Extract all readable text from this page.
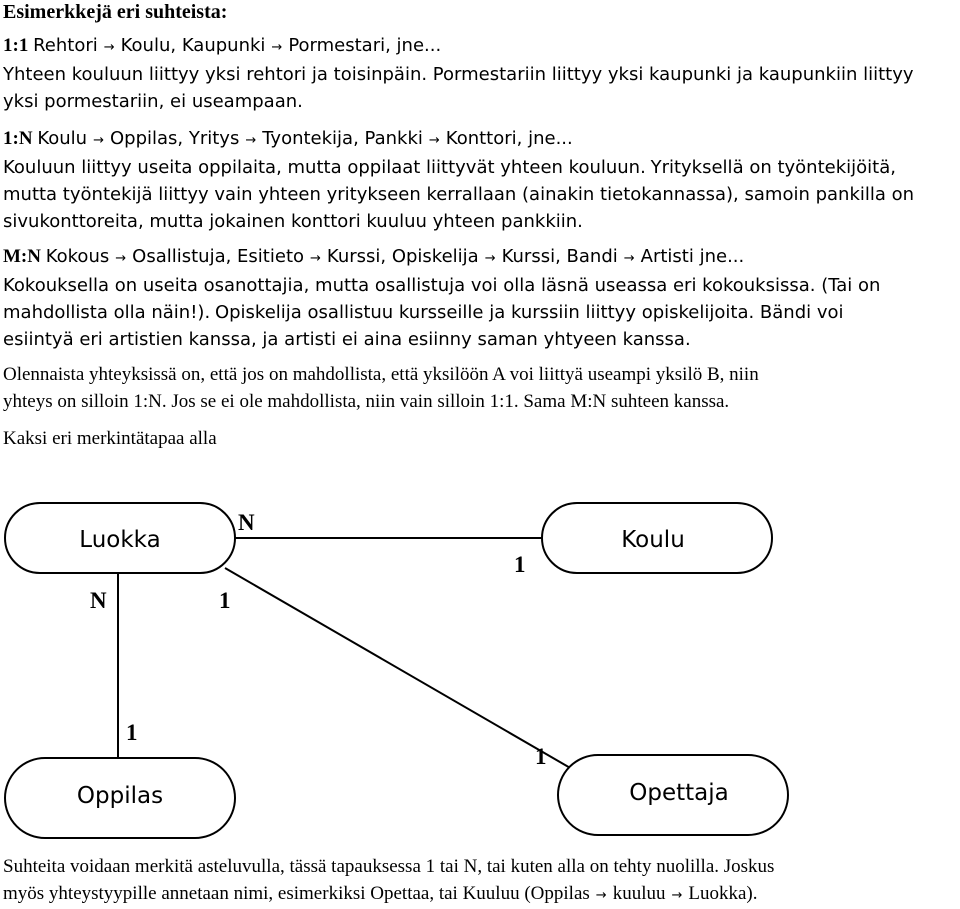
Esimerkkejä eri suhteista:
1:1 Rehtori → Koulu, Kaupunki → Pormestari, jne...
Yhteen kouluun liittyy yksi rehtori ja toisinpäin. Pormestariin liittyy yksi kaupunki ja kaupunkiin liittyy
yksi pormestariin, ei useampaan.
1:N Koulu → Oppilas, Yritys → Tyontekija, Pankki → Konttori, jne...
Kouluun liittyy useita oppilaita, mutta oppilaat liittyvät yhteen kouluun. Yrityksellä on työntekijöitä,
mutta työntekijä liittyy vain yhteen yritykseen kerrallaan (ainakin tietokannassa), samoin pankilla on
sivukonttoreita, mutta jokainen konttori kuuluu yhteen pankkiin.
M:N Kokous → Osallistuja, Esitieto → Kurssi, Opiskelija → Kurssi, Bandi → Artisti jne...
Kokouksella on useita osanottajia, mutta osallistuja voi olla läsnä useassa eri kokouksissa. (Tai on
mahdollista olla näin!). Opiskelija osallistuu kursseille ja kurssiin liittyy opiskelijoita. Bändi voi
esiintyä eri artistien kanssa, ja artisti ei aina esiinny saman yhtyeen kanssa.
Olennaista yhteyksissä on, että jos on mahdollista, että yksilöön A voi liittyä useampi yksilö B, niin
yhteys on silloin 1:N. Jos se ei ole mahdollista, niin vain silloin 1:1. Sama M:N suhteen kanssa.
Kaksi eri merkintätapaa alla
Luokka	Koulu
Oppilas	Opettaja
N
1
N	1
1
1
Suhteita voidaan merkitä asteluvulla, tässä tapauksessa 1 tai N, tai kuten alla on tehty nuolilla. Joskus
myös yhteystyypille annetaan nimi, esimerkiksi Opettaa, tai Kuuluu (Oppilas → kuuluu → Luokka).
